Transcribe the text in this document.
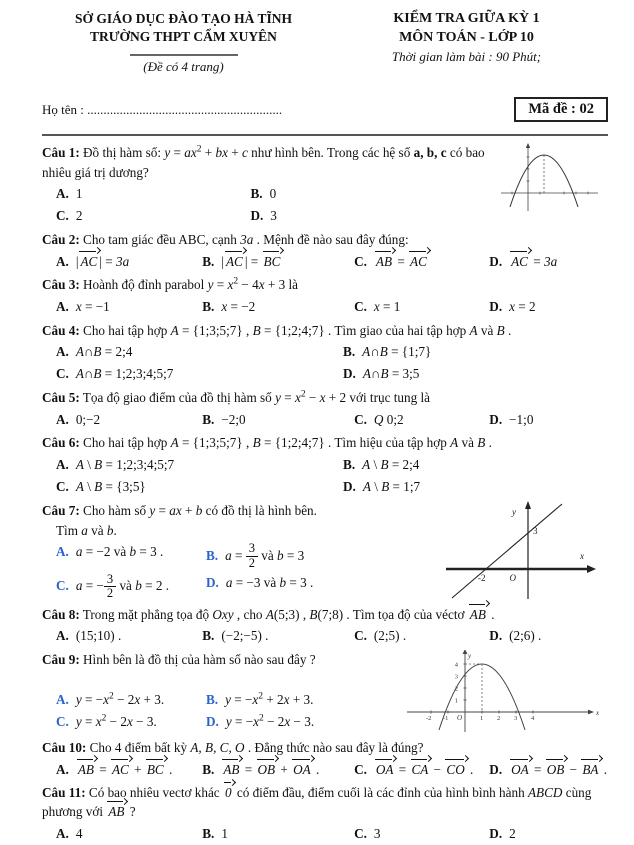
SỞ GIÁO DỤC ĐÀO TẠO HÀ TĨNH
TRƯỜNG THPT CẨM XUYÊN
(Đề có 4 trang)
KIỂM TRA GIỮA KỲ 1
MÔN TOÁN - LỚP 10
Thời gian làm bài : 90 Phút;
Họ tên : ............................................................	Mã đề : 02
Câu 1: Đồ thị hàm số: $y = ax^2$ + bx + c như hình bên. Trong các hệ số a, b, c có bao nhiêu giá trị dương?
A. 1	B. 0
C. 2	D. 3
Câu 2: Cho tam giác đều ABC, cạnh 3a . Mệnh đề nào sau đây đúng:
A. | AC | = 3a	B. | AC | = BC	C. AB = AC	D. AC = 3a
Câu 3: Hoành độ đỉnh parabol $y = x^2 - 4x + 3$ là
A. x = −1	B. x = −2	C. x = 1	D. x = 2
Câu 4: Cho hai tập hợp A = {1;3;5;7} , B = {1;2;4;7} . Tìm giao của hai tập hợp A và B .
A. A∩B = 2;4	B. A∩B = {1;7}
C. A∩B = 1;2;3;4;5;7	D. A∩B = 3;5
Câu 5: Tọa độ giao điểm của đồ thị hàm số $y = x^2 - x + 2$ với trục tung là
A. 0;−2	B. −2;0	C. Q 0;2	D. −1;0
Câu 6: Cho hai tập hợp A = {1;3;5;7} , B = {1;2;4;7} . Tìm hiệu của tập hợp A và B .
A. A \ B = 1;2;3;4;5;7	B. A \ B = 2;4
C. A \ B = {3;5}	D. A \ B = 1;7
Câu 7: Cho hàm số y = ax + b có đồ thị là hình bên.
Tìm a và b.
A. a = −2 và b = 3 .	B. $a = \frac{3}{2}$ và b = 3
C. a = − $\frac{3}{2}$ và b = 2 .	D. a = −3 và b = 3 .
y
x
O
-2
3
Câu 8: Trong mặt phẳng tọa độ Oxy , cho A(5;3) , B(7;8) . Tìm tọa độ của véctơ AB .
A. (15;10) .	B. (−2;−5) .	C. (2;5) .	D. (2;6) .
Câu 9: Hình bên là đồ thị của hàm số nào sau đây ?
A. $y = -x^2 - 2x + 3$.	B. $y = -x^2 + 2x + 3$.
C. $y = x^2 - 2x - 3$.	D. $y = -x^2 - 2x - 3$.
y
x
O
-2 -1	1 2 3 4
1
2
3
4
Câu 10: Cho 4 điểm bất kỳ A, B, C, O . Đẳng thức nào sau đây là đúng?
A. AB = AC + BC .	B. AB = OB + OA .	C. OA = CA − CO .	D. OA = OB − BA .
Câu 11: Có bao nhiêu vectơ khác 0 có điểm đầu, điểm cuối là các đỉnh của hình bình hành ABCD cùng phương với AB ?
A. 4	B. 1	C. 3	D. 2
